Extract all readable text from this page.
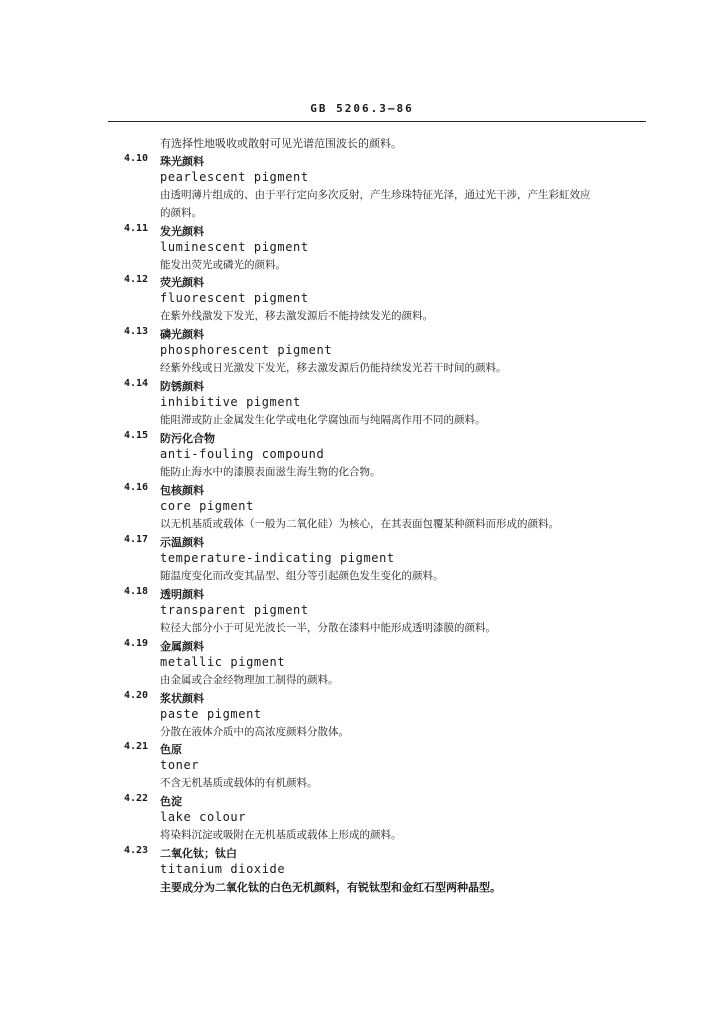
GB 5206.3—86
有选择性地吸收或散射可见光谱范围波长的颜料。
4.10	珠光颜料
pearlescent pigment
由透明薄片组成的、由于平行定向多次反射，产生珍珠特征光泽，通过光干涉，产生彩虹效应
的颜料。
4.11	发光颜料
luminescent pigment
能发出荧光或磷光的颜料。
4.12	荧光颜料
fluorescent pigment
在紫外线激发下发光，移去激发源后不能持续发光的颜料。
4.13	磷光颜料
phosphorescent pigment
经紫外线或日光激发下发光，移去激发源后仍能持续发光若干时间的颜料。
4.14	防锈颜料
inhibitive pigment
能阻滞或防止金属发生化学或电化学腐蚀而与纯隔离作用不同的颜料。
4.15	防污化合物
anti-fouling compound
能防止海水中的漆膜表面滋生海生物的化合物。
4.16	包核颜料
core pigment
以无机基质或载体（一般为二氧化硅）为核心，在其表面包覆某种颜料而形成的颜料。
4.17	示温颜料
temperature-indicating pigment
随温度变化而改变其晶型、组分等引起颜色发生变化的颜料。
4.18	透明颜料
transparent pigment
粒径大部分小于可见光波长一半，分散在漆料中能形成透明漆膜的颜料。
4.19	金属颜料
metallic pigment
由金属或合金经物理加工制得的颜料。
4.20	浆状颜料
paste pigment
分散在液体介质中的高浓度颜料分散体。
4.21	色原
toner
不含无机基质或载体的有机颜料。
4.22	色淀
lake colour
将染料沉淀或吸附在无机基质或载体上形成的颜料。
4.23	二氧化钛；钛白
titanium dioxide
主要成分为二氧化钛的白色无机颜料，有锐钛型和金红石型两种晶型。
